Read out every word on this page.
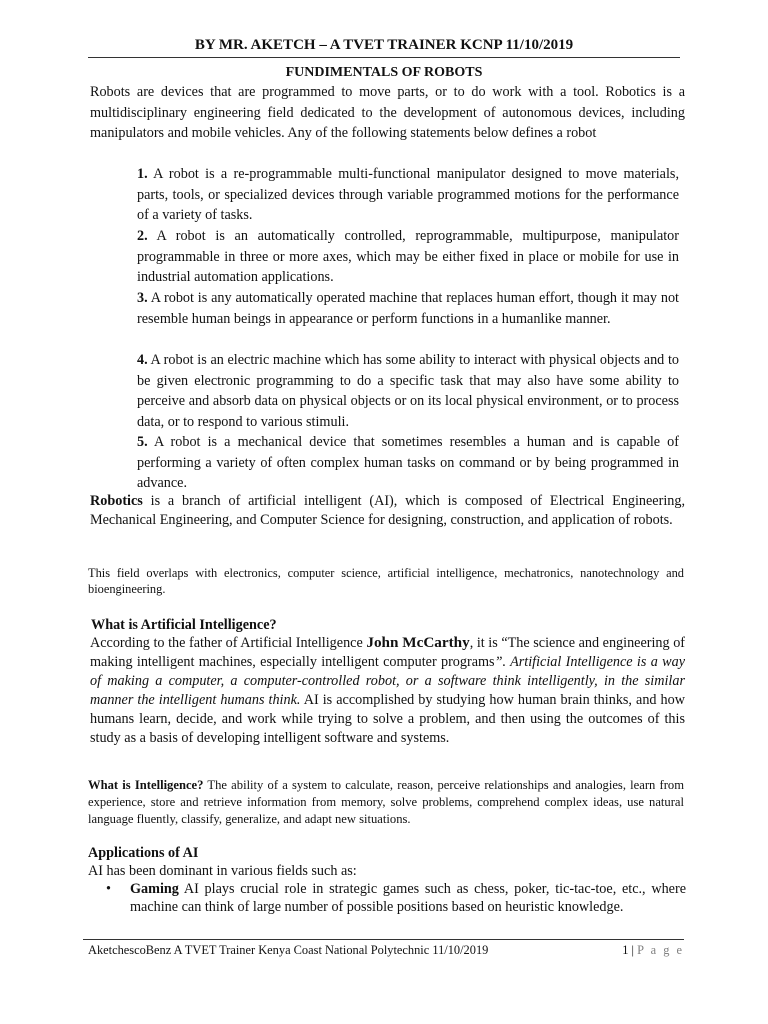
BY MR. AKETCH – A TVET TRAINER KCNP 11/10/2019
FUNDIMENTALS OF ROBOTS
Robots are devices that are programmed to move parts, or to do work with a tool. Robotics is a multidisciplinary engineering field dedicated to the development of autonomous devices, including manipulators and mobile vehicles. Any of the following statements below defines a robot
1. A robot is a re-programmable multi-functional manipulator designed to move materials, parts, tools, or specialized devices through variable programmed motions for the performance of a variety of tasks.
2. A robot is an automatically controlled, reprogrammable, multipurpose, manipulator programmable in three or more axes, which may be either fixed in place or mobile for use in industrial automation applications.
3. A robot is any automatically operated machine that replaces human effort, though it may not resemble human beings in appearance or perform functions in a humanlike manner.
4. A robot is an electric machine which has some ability to interact with physical objects and to be given electronic programming to do a specific task that may also have some ability to perceive and absorb data on physical objects or on its local physical environment, or to process data, or to respond to various stimuli.
5. A robot is a mechanical device that sometimes resembles a human and is capable of performing a variety of often complex human tasks on command or by being programmed in advance.
Robotics is a branch of artificial intelligent (AI), which is composed of Electrical Engineering, Mechanical Engineering, and Computer Science for designing, construction, and application of robots.
This field overlaps with electronics, computer science, artificial intelligence, mechatronics, nanotechnology and bioengineering.
What is Artificial Intelligence?
According to the father of Artificial Intelligence John McCarthy, it is “The science and engineering of making intelligent machines, especially intelligent computer programs”. Artificial Intelligence is a way of making a computer, a computer-controlled robot, or a software think intelligently, in the similar manner the intelligent humans think. AI is accomplished by studying how human brain thinks, and how humans learn, decide, and work while trying to solve a problem, and then using the outcomes of this study as a basis of developing intelligent software and systems.
What is Intelligence? The ability of a system to calculate, reason, perceive relationships and analogies, learn from experience, store and retrieve information from memory, solve problems, comprehend complex ideas, use natural language fluently, classify, generalize, and adapt new situations.
Applications of AI
AI has been dominant in various fields such as:
•	Gaming AI plays crucial role in strategic games such as chess, poker, tic-tac-toe, etc., where machine can think of large number of possible positions based on heuristic knowledge.
AketchescoBenz A TVET Trainer Kenya Coast National Polytechnic 11/10/2019	1 | P a g e
